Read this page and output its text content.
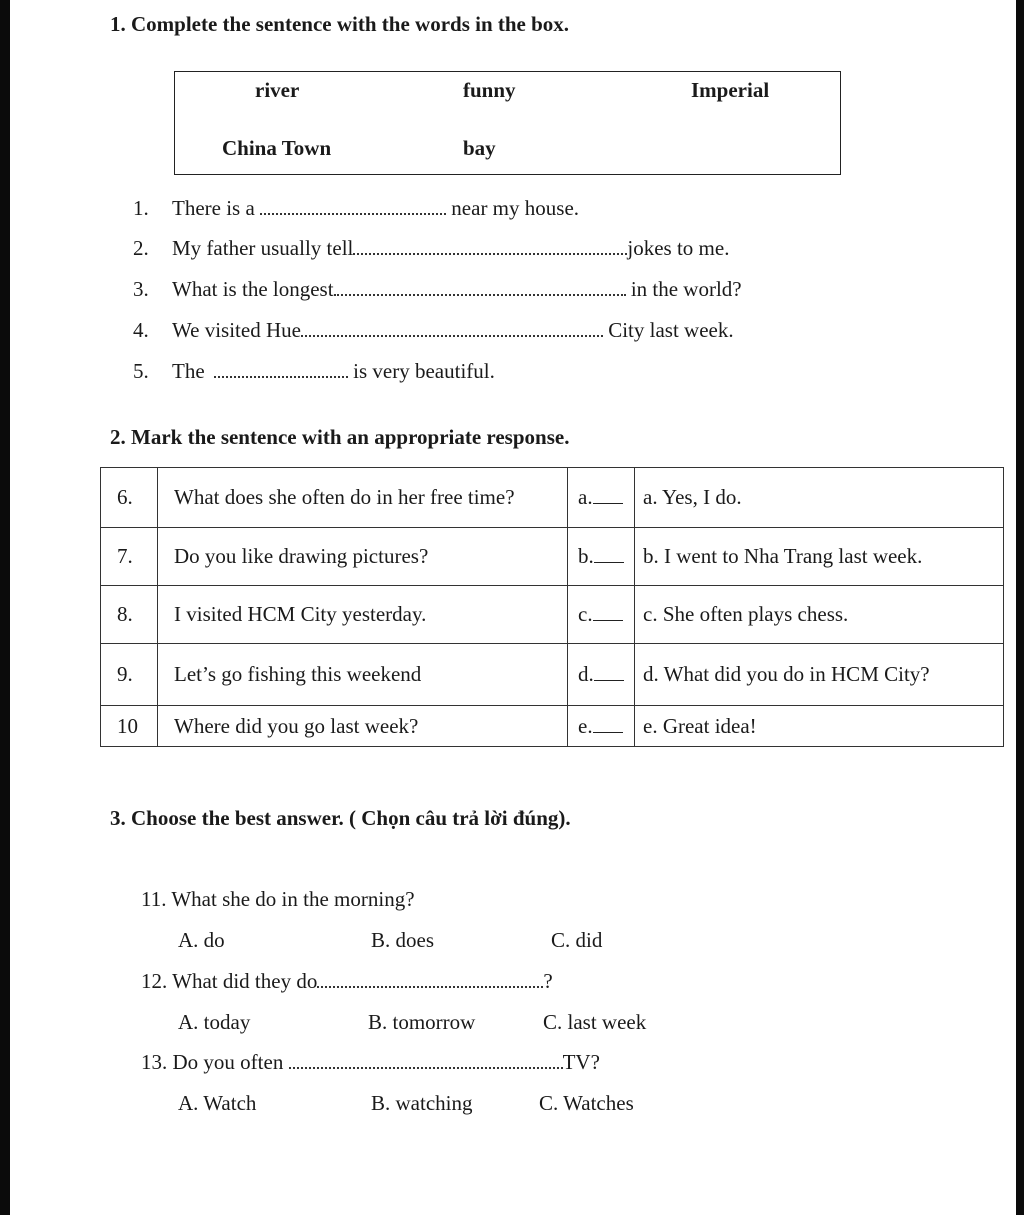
1. Complete the sentence with the words in the box.
river	funny	Imperial
China Town	bay
1. There is a	near my house.
2. My father usually tell	jokes to me.
3. What is the longest	in the world?
4. We visited Hue	City last week.
5. The	is very beautiful.
2. Mark the sentence with an appropriate response.
6.	What does she often do in her free time?	a.	a. Yes, I do.
7.	Do you like drawing pictures?	b.	b. I went to Nha Trang last week.
8.	I visited HCM City yesterday.	c.	c. She often plays chess.
9.	Let’s go fishing this weekend	d.	d. What did you do in HCM City?
10	Where did you go last week?	e.	e. Great idea!
3. Choose the best answer. ( Chọn câu trả lời đúng).
11. What she do in the morning?
A. do	B. does	C. did
12. What did they do	?
A. today	B. tomorrow	C. last week
13. Do you often	TV?
A. Watch	B. watching	C. Watches
